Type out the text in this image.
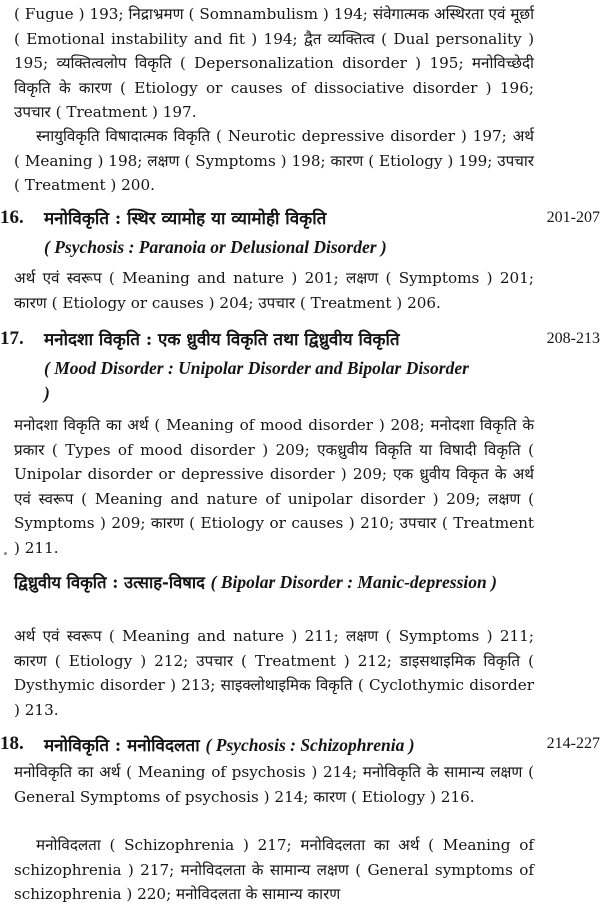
( Fugue ) 193; निद्राभ्रमण ( Somnambulism ) 194; संवेगात्मक अस्थिरता एवं मूर्छा ( Emotional instability and fit ) 194; द्वैत व्यक्तित्व ( Dual personality ) 195; व्यक्तित्वलोप विकृति ( Depersonalization disorder ) 195; मनोविच्छेदी विकृति के कारण ( Etiology or causes of dissociative disorder ) 196; उपचार ( Treatment ) 197.

स्नायुविकृति विषादात्मक विकृति ( Neurotic depressive disorder ) 197; अर्थ ( Meaning ) 198; लक्षण ( Symptoms ) 198; कारण ( Etiology ) 199; उपचार ( Treatment ) 200.

16. मनोविकृति : स्थिर व्यामोह या व्यामोही विकृति	201-207
( Psychosis : Paranoia or Delusional Disorder )

अर्थ एवं स्वरूप ( Meaning and nature ) 201; लक्षण ( Symptoms ) 201; कारण ( Etiology or causes ) 204; उपचार ( Treatment ) 206.

17. मनोदशा विकृति : एक ध्रुवीय विकृति तथा द्विध्रुवीय विकृति	208-213
( Mood Disorder : Unipolar Disorder and Bipolar Disorder )

मनोदशा विकृति का अर्थ ( Meaning of mood disorder ) 208; मनोदशा विकृति के प्रकार ( Types of mood disorder ) 209; एकध्रुवीय विकृति या विषादी विकृति ( Unipolar disorder or depressive disorder ) 209; एक ध्रुवीय विकृत के अर्थ एवं स्वरूप ( Meaning and nature of unipolar disorder ) 209; लक्षण ( Symptoms ) 209; कारण ( Etiology or causes ) 210; उपचार ( Treatment ) 211.

द्विध्रुवीय विकृति : उत्साह-विषाद ( Bipolar Disorder : Manic-depression )

अर्थ एवं स्वरूप ( Meaning and nature ) 211; लक्षण ( Symptoms ) 211; कारण ( Etiology ) 212; उपचार ( Treatment ) 212; डाइसथाइमिक विकृति ( Dysthymic disorder ) 213; साइक्लोथाइमिक विकृति ( Cyclothymic disorder ) 213.

18. मनोविकृति : मनोविदलता ( Psychosis : Schizophrenia )	214-227

मनोविकृति का अर्थ ( Meaning of psychosis ) 214; मनोविकृति के सामान्य लक्षण ( General Symptoms of psychosis ) 214; कारण ( Etiology ) 216.

मनोविदलता ( Schizophrenia ) 217; मनोविदलता का अर्थ ( Meaning of schizophrenia ) 217; मनोविदलता के सामान्य लक्षण ( General symptoms of schizophrenia ) 220; मनोविदलता के सामान्य कारण
